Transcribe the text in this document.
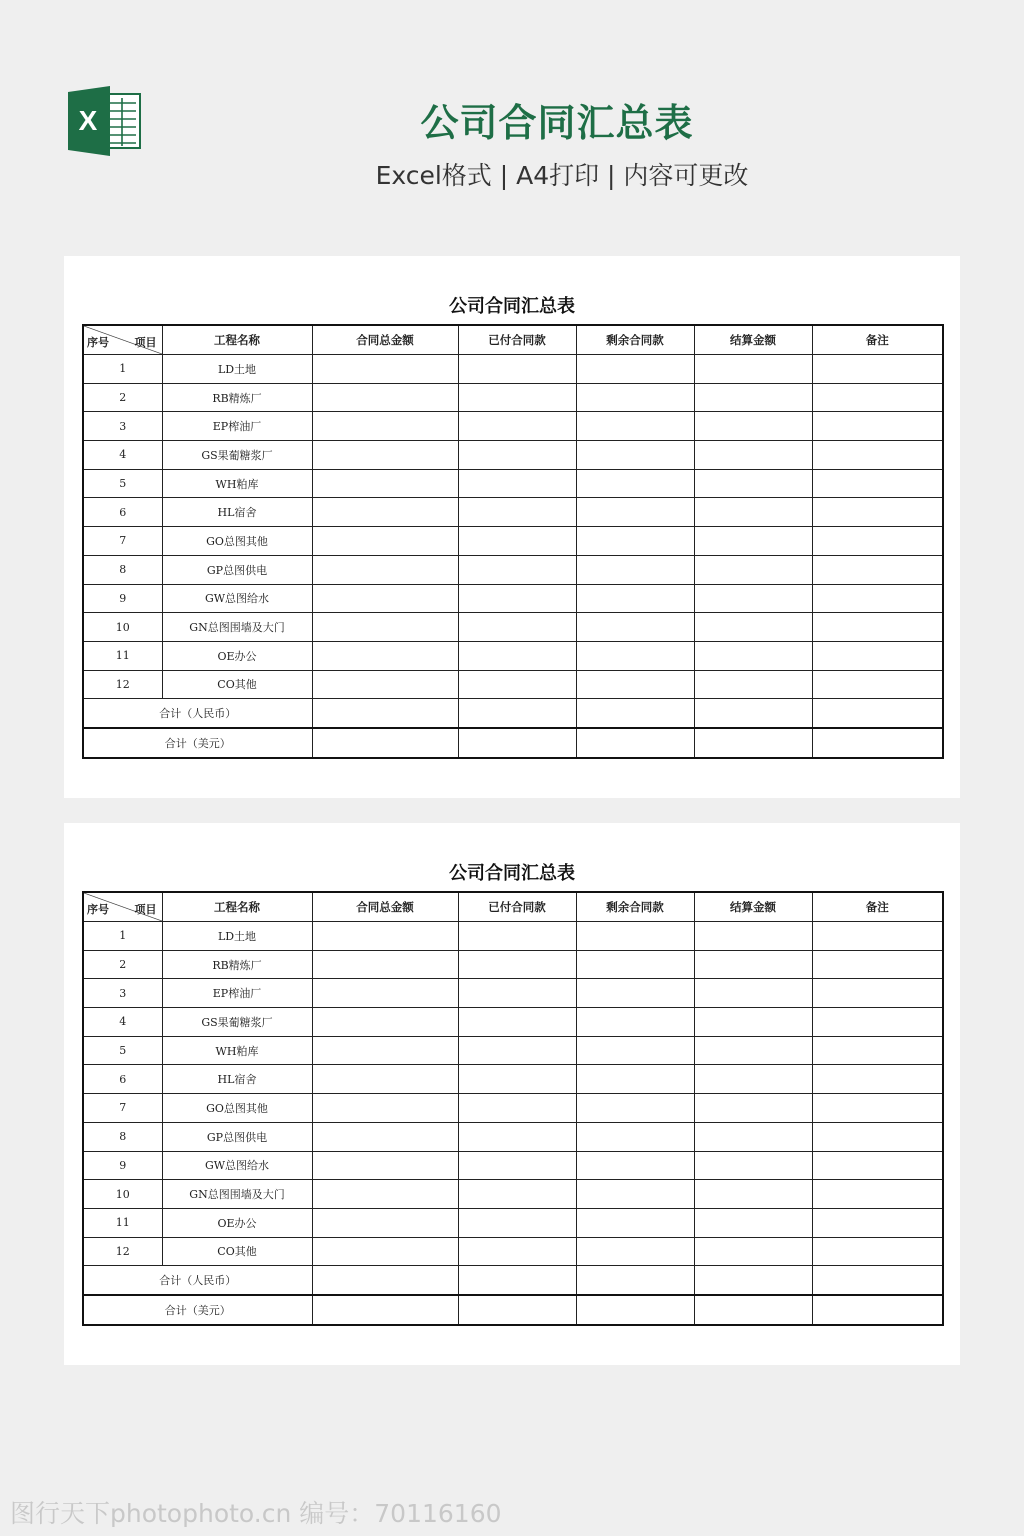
X	公司合同汇总表
Excel格式 | A4打印 | 内容可更改
公司合同汇总表
序号 项目	工程名称	合同总金额	已付合同款	剩余合同款	结算金额	备注
1	LD土地					
2	RB精炼厂					
3	EP榨油厂					
4	GS果葡糖浆厂					
5	WH粕库					
6	HL宿舍					
7	GO总图其他					
8	GP总图供电					
9	GW总图给水					
10	GN总图围墙及大门					
11	OE办公					
12	CO其他					
合计（人民币）						
合计（美元）						
公司合同汇总表
序号 项目	工程名称	合同总金额	已付合同款	剩余合同款	结算金额	备注
1	LD土地					
2	RB精炼厂					
3	EP榨油厂					
4	GS果葡糖浆厂					
5	WH粕库					
6	HL宿舍					
7	GO总图其他					
8	GP总图供电					
9	GW总图给水					
10	GN总图围墙及大门					
11	OE办公					
12	CO其他					
合计（人民币）						
合计（美元）						
图行天下photophoto.cn 编号：70116160
